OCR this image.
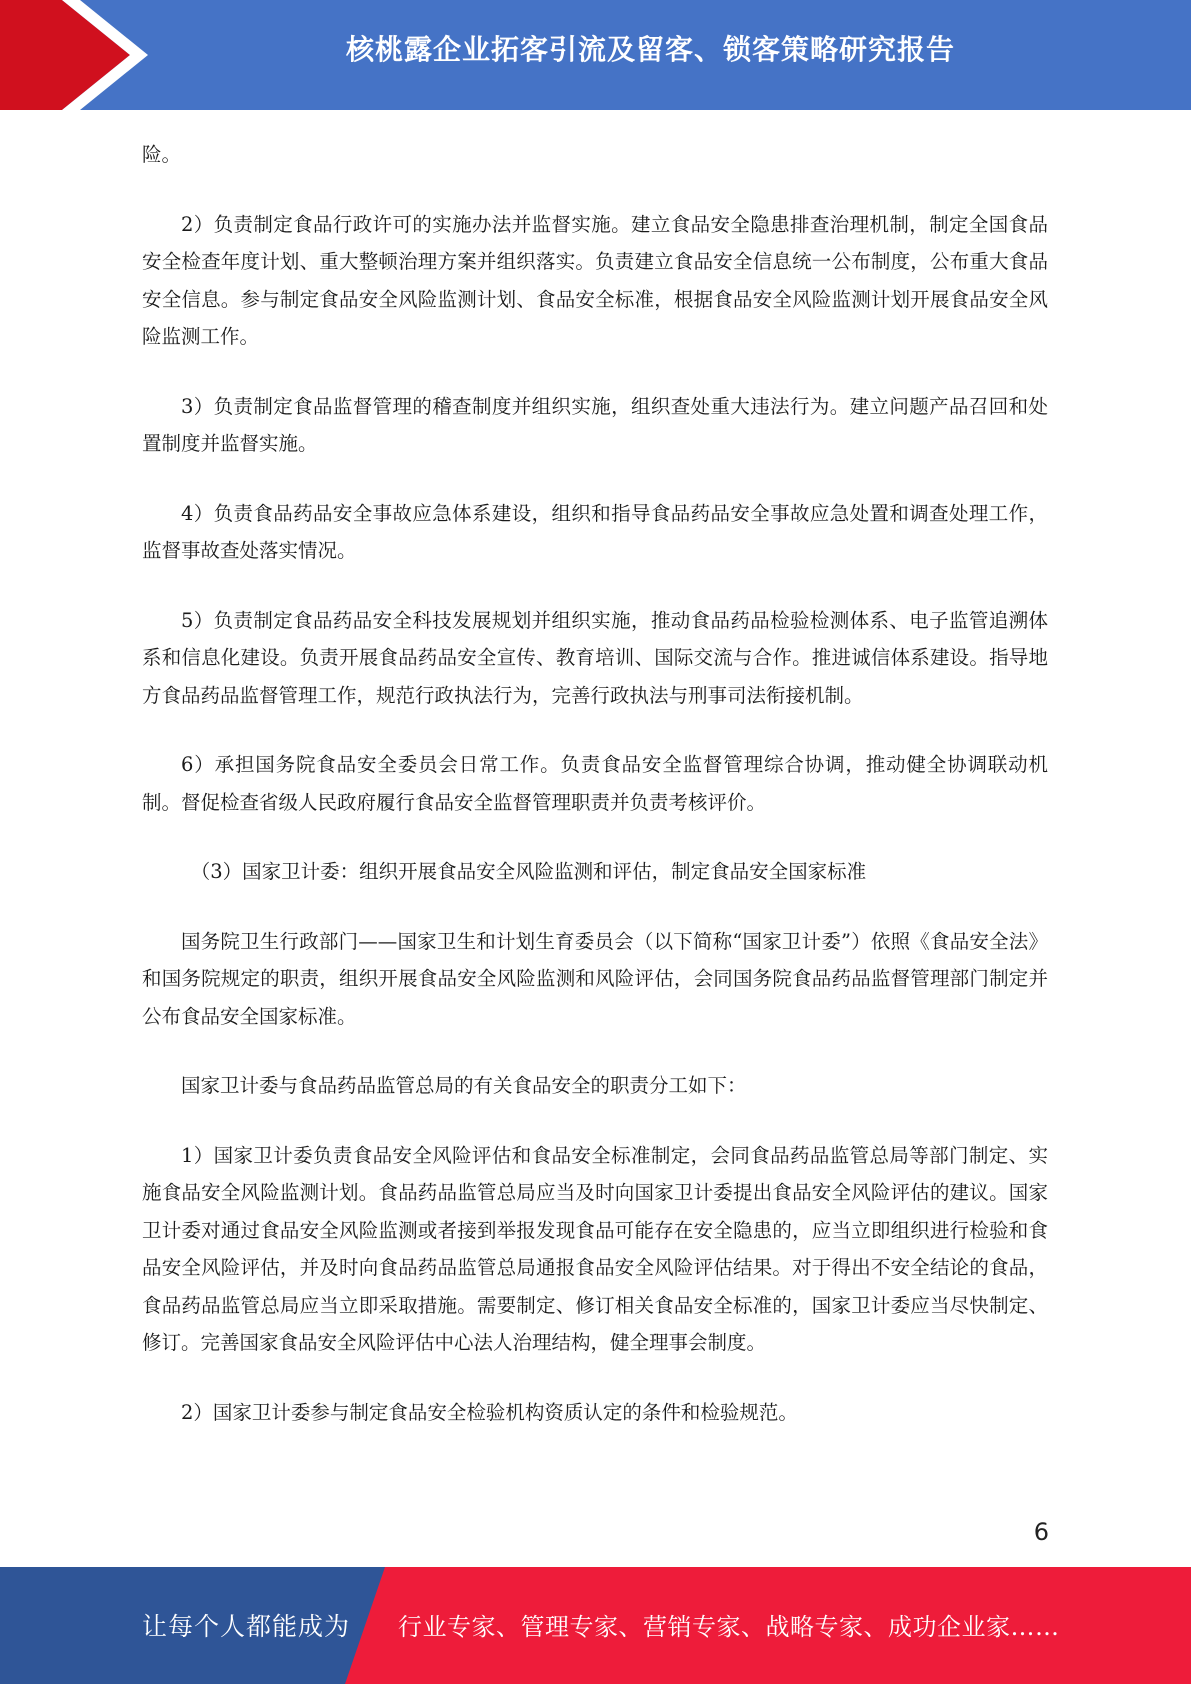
核桃露企业拓客引流及留客、锁客策略研究报告

险。

2）负责制定食品行政许可的实施办法并监督实施。建立食品安全隐患排查治理机制，制定全国食品安全检查年度计划、重大整顿治理方案并组织落实。负责建立食品安全信息统一公布制度，公布重大食品安全信息。参与制定食品安全风险监测计划、食品安全标准，根据食品安全风险监测计划开展食品安全风险监测工作。

3）负责制定食品监督管理的稽查制度并组织实施，组织查处重大违法行为。建立问题产品召回和处置制度并监督实施。

4）负责食品药品安全事故应急体系建设，组织和指导食品药品安全事故应急处置和调查处理工作，监督事故查处落实情况。

5）负责制定食品药品安全科技发展规划并组织实施，推动食品药品检验检测体系、电子监管追溯体系和信息化建设。负责开展食品药品安全宣传、教育培训、国际交流与合作。推进诚信体系建设。指导地方食品药品监督管理工作，规范行政执法行为，完善行政执法与刑事司法衔接机制。

6）承担国务院食品安全委员会日常工作。负责食品安全监督管理综合协调，推动健全协调联动机制。督促检查省级人民政府履行食品安全监督管理职责并负责考核评价。

（3）国家卫计委：组织开展食品安全风险监测和评估，制定食品安全国家标准

国务院卫生行政部门——国家卫生和计划生育委员会（以下简称“国家卫计委”）依照《食品安全法》和国务院规定的职责，组织开展食品安全风险监测和风险评估，会同国务院食品药品监督管理部门制定并公布食品安全国家标准。

国家卫计委与食品药品监管总局的有关食品安全的职责分工如下：

1）国家卫计委负责食品安全风险评估和食品安全标准制定，会同食品药品监管总局等部门制定、实施食品安全风险监测计划。食品药品监管总局应当及时向国家卫计委提出食品安全风险评估的建议。国家卫计委对通过食品安全风险监测或者接到举报发现食品可能存在安全隐患的，应当立即组织进行检验和食品安全风险评估，并及时向食品药品监管总局通报食品安全风险评估结果。对于得出不安全结论的食品，食品药品监管总局应当立即采取措施。需要制定、修订相关食品安全标准的，国家卫计委应当尽快制定、修订。完善国家食品安全风险评估中心法人治理结构，健全理事会制度。

2）国家卫计委参与制定食品安全检验机构资质认定的条件和检验规范。

6
让每个人都能成为 行业专家、管理专家、营销专家、战略专家、成功企业家……
